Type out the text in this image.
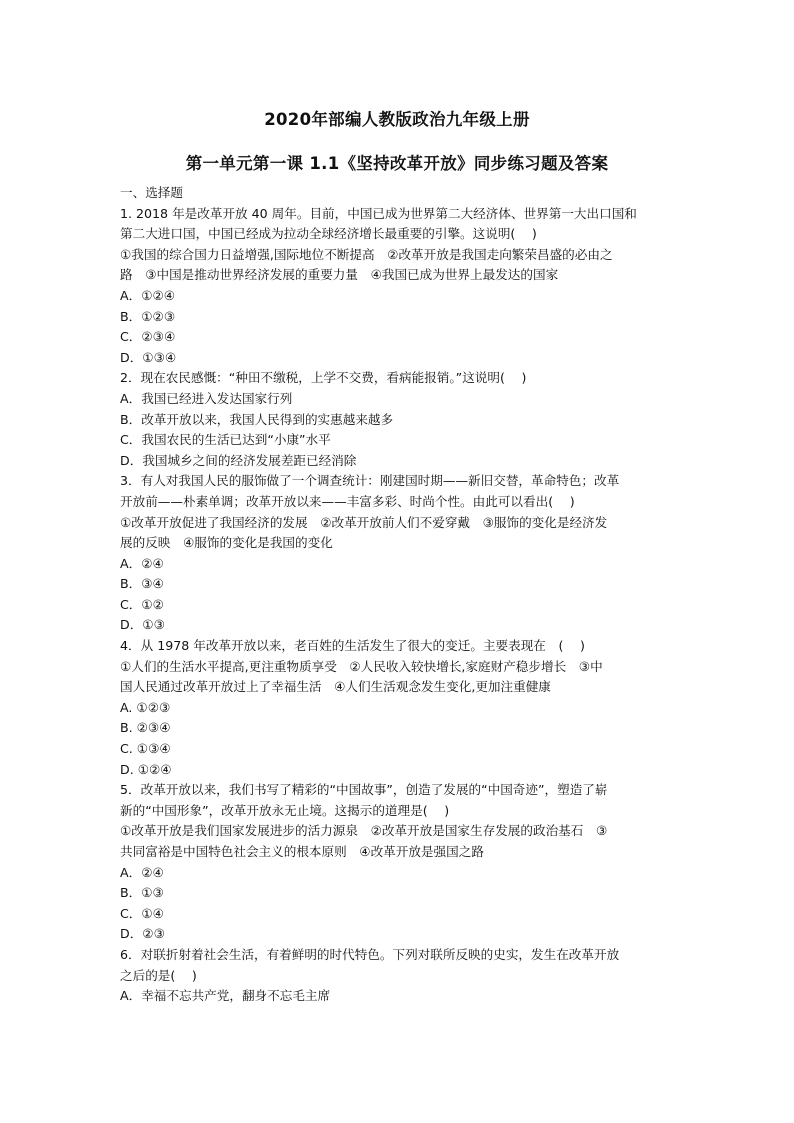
2020年部编人教版政治九年级上册
第一单元第一课 1.1《坚持改革开放》同步练习题及答案
一、选择题
1. 2018 年是改革开放 40 周年。目前，中国已成为世界第二大经济体、世界第一大出口国和
第二大进口国，中国已经成为拉动全球经济增长最重要的引擎。这说明(　 )
①我国的综合国力日益增强,国际地位不断提高　②改革开放是我国走向繁荣昌盛的必由之
路　③中国是推动世界经济发展的重要力量　④我国已成为世界上最发达的国家
A．①②④
B．①②③
C．②③④
D．①③④
2．现在农民感慨：“种田不缴税，上学不交费，看病能报销。”这说明(　 )
A．我国已经进入发达国家行列
B．改革开放以来，我国人民得到的实惠越来越多
C．我国农民的生活已达到“小康”水平
D．我国城乡之间的经济发展差距已经消除
3．有人对我国人民的服饰做了一个调查统计：刚建国时期——新旧交替，革命特色；改革
开放前——朴素单调；改革开放以来——丰富多彩、时尚个性。由此可以看出(　 )
①改革开放促进了我国经济的发展　②改革开放前人们不爱穿戴　③服饰的变化是经济发
展的反映　④服饰的变化是我国的变化
A．②④
B．③④
C．①②
D．①③
4．从 1978 年改革开放以来，老百姓的生活发生了很大的变迁。主要表现在　(　 )
①人们的生活水平提高,更注重物质享受　②人民收入较快增长,家庭财产稳步增长　③中
国人民通过改革开放过上了幸福生活　④人们生活观念发生变化,更加注重健康
A. ①②③
B. ②③④
C. ①③④
D. ①②④
5．改革开放以来，我们书写了精彩的“中国故事”，创造了发展的“中国奇迹”，塑造了崭
新的“中国形象”，改革开放永无止境。这揭示的道理是(　 )
①改革开放是我们国家发展进步的活力源泉　②改革开放是国家生存发展的政治基石　③
共同富裕是中国特色社会主义的根本原则　④改革开放是强国之路
A．②④
B．①③
C．①④
D．②③
6．对联折射着社会生活，有着鲜明的时代特色。下列对联所反映的史实，发生在改革开放
之后的是(　 )
A．幸福不忘共产党，翻身不忘毛主席
